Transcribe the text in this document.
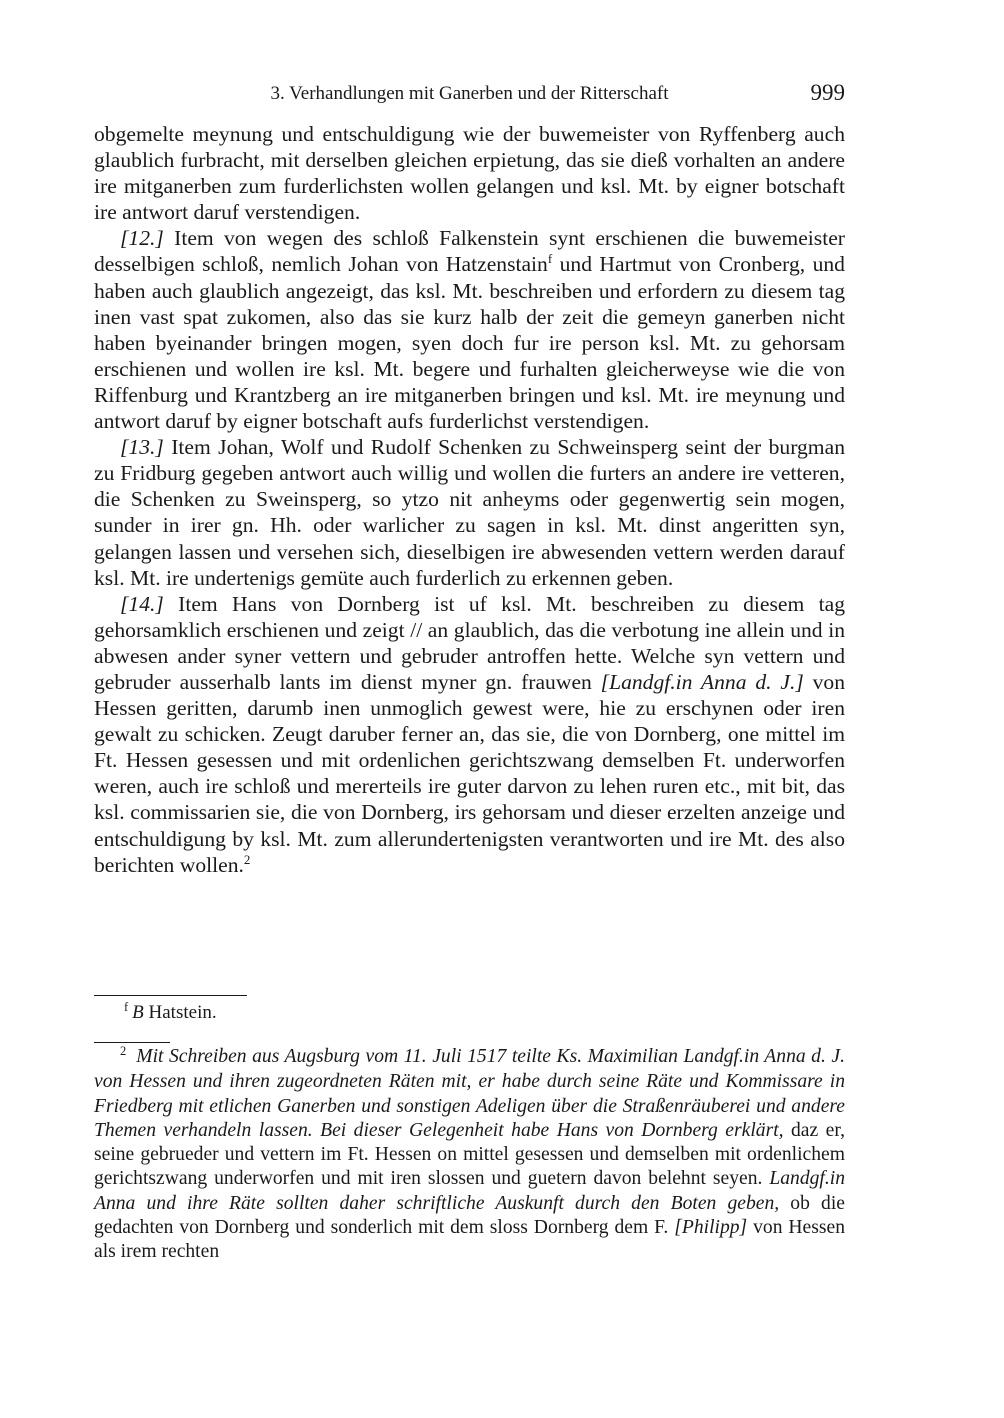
3. Verhandlungen mit Ganerben und der Ritterschaft	999

obgemelte meynung und entschuldigung wie der buwemeister von Ryffenberg auch glaublich furbracht, mit derselben gleichen erpietung, das sie dieß vorhalten an andere ire mitganerben zum furderlichsten wollen gelangen und ksl. Mt. by eigner botschaft ire antwort daruf verstendigen.

[12.] Item von wegen des schloß Falkenstein synt erschienen die buwemeister desselbigen schloß, nemlich Johan von Hatzenstain$^f$ und Hartmut von Cronberg, und haben auch glaublich angezeigt, das ksl. Mt. beschreiben und erfordern zu diesem tag inen vast spat zukomen, also das sie kurz halb der zeit die gemeyn ganerben nicht haben byeinander bringen mogen, syen doch fur ire person ksl. Mt. zu gehorsam erschienen und wollen ire ksl. Mt. begere und furhalten gleicherweyse wie die von Riffenburg und Krantzberg an ire mitganerben bringen und ksl. Mt. ire meynung und antwort daruf by eigner botschaft aufs furderlichst verstendigen.

[13.] Item Johan, Wolf und Rudolf Schenken zu Schweinsperg seint der burgman zu Fridburg gegeben antwort auch willig und wollen die furters an andere ire vetteren, die Schenken zu Sweinsperg, so ytzo nit anheyms oder gegenwertig sein mogen, sunder in irer gn. Hh. oder warlicher zu sagen in ksl. Mt. dinst angeritten syn, gelangen lassen und versehen sich, dieselbigen ire abwesenden vettern werden darauf ksl. Mt. ire undertenigs gemüte auch furderlich zu erkennen geben.

[14.] Item Hans von Dornberg ist uf ksl. Mt. beschreiben zu diesem tag gehorsamklich erschienen und zeigt // an glaublich, das die verbotung ine allein und in abwesen ander syner vettern und gebruder antroffen hette. Welche syn vettern und gebruder ausserhalb lants im dienst myner gn. frauwen [Landgf.in Anna d. J.] von Hessen geritten, darumb inen unmoglich gewest were, hie zu erschynen oder iren gewalt zu schicken. Zeugt daruber ferner an, das sie, die von Dornberg, one mittel im Ft. Hessen gesessen und mit ordenlichen gerichtszwang demselben Ft. underworfen weren, auch ire schloß und mererteils ire guter darvon zu lehen ruren etc., mit bit, das ksl. commissarien sie, die von Dornberg, irs gehorsam und dieser erzelten anzeige und entschuldigung by ksl. Mt. zum allerundertenigsten verantworten und ire Mt. des also berichten wollen.$^2$

$^f$ B Hatstein.
$^2$ Mit Schreiben aus Augsburg vom 11. Juli 1517 teilte Ks. Maximilian Landgf.in Anna d. J. von Hessen und ihren zugeordneten Räten mit, er habe durch seine Räte und Kommissare in Friedberg mit etlichen Ganerben und sonstigen Adeligen über die Straßenräuberei und andere Themen verhandeln lassen. Bei dieser Gelegenheit habe Hans von Dornberg erklärt, daz er, seine gebrueder und vettern im Ft. Hessen on mittel gesessen und demselben mit ordenlichem gerichtszwang underworfen und mit iren slossen und guetern davon belehnt seyen. Landgf.in Anna und ihre Räte sollten daher schriftliche Auskunft durch den Boten geben, ob die gedachten von Dornberg und sonderlich mit dem sloss Dornberg dem F. [Philipp] von Hessen als irem rechten
